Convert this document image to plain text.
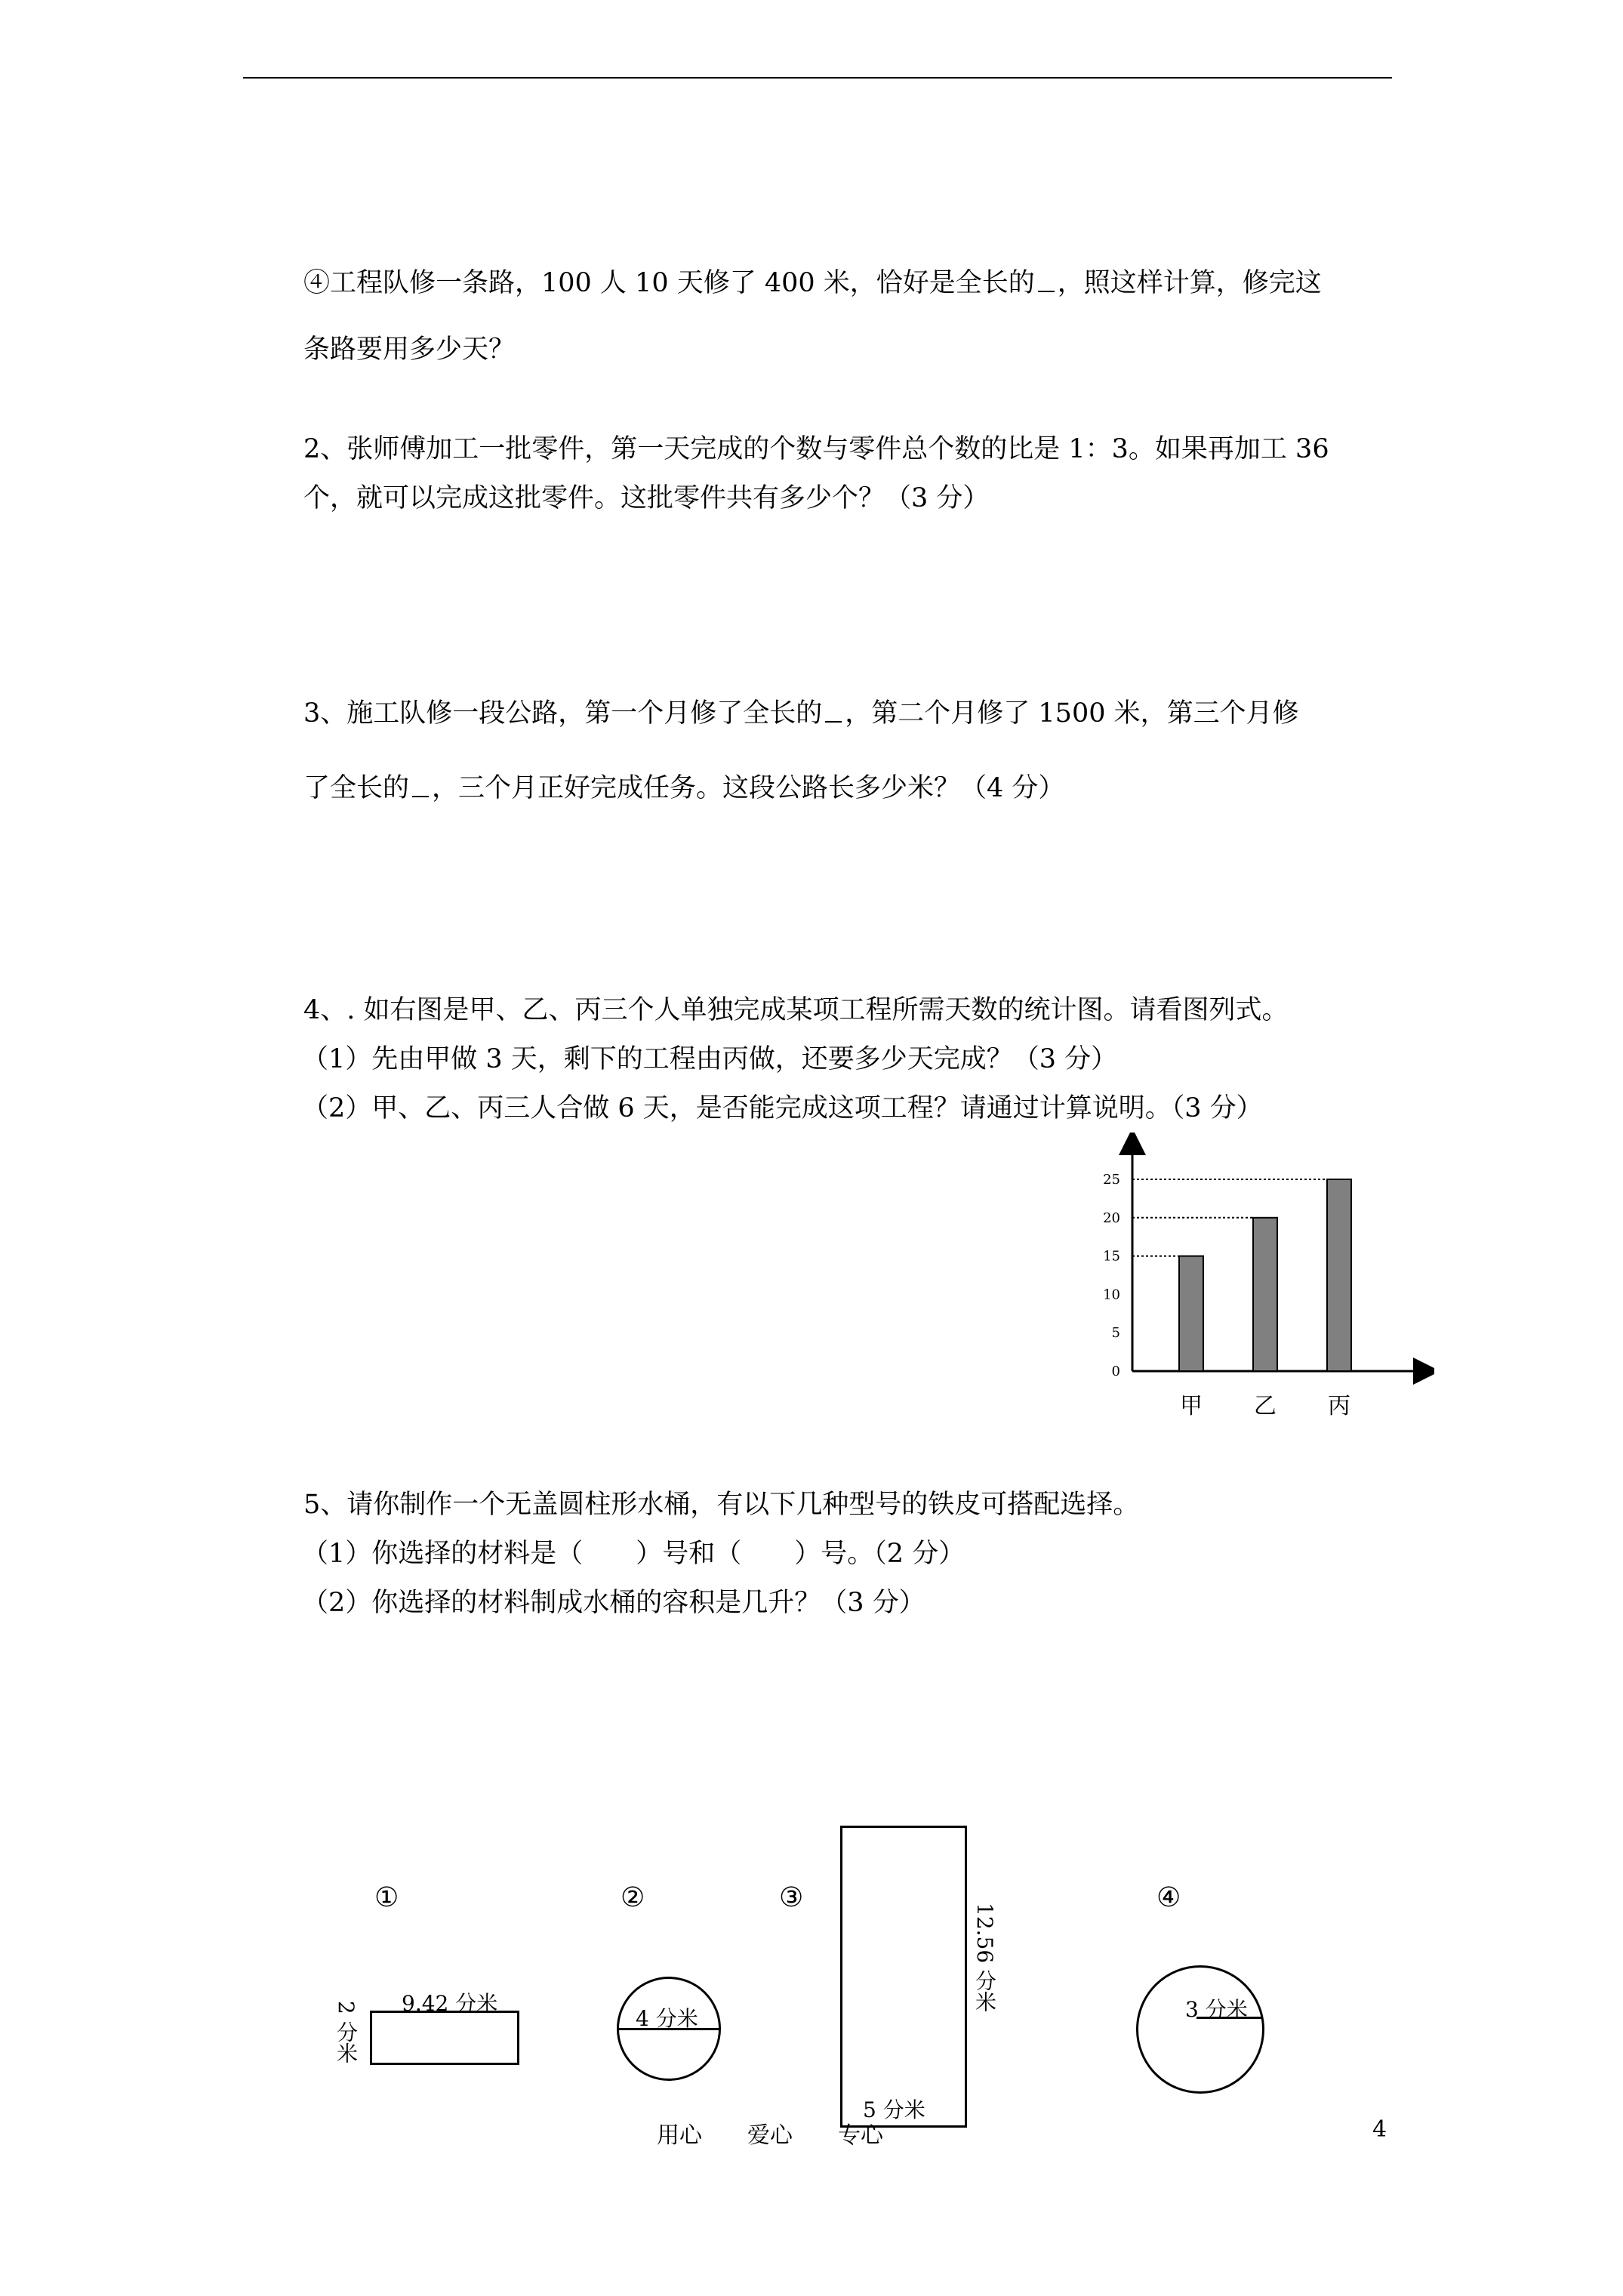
④工程队修一条路，100 人 10 天修了 400 米，恰好是全长的 ，照这样计算，修完这
条路要用多少天？
2、张师傅加工一批零件，第一天完成的个数与零件总个数的比是 1：3。如果再加工 36
个，就可以完成这批零件。这批零件共有多少个？（3 分）
3、施工队修一段公路，第一个月修了全长的 ，第二个月修了 1500 米，第三个月修
了全长的 ，三个月正好完成任务。这段公路长多少米？（4 分）
4、. 如右图是甲、乙、丙三个人单独完成某项工程所需天数的统计图。请看图列式。
（1）先由甲做 3 天，剩下的工程由丙做，还要多少天完成？（3 分）
（2）甲、乙、丙三人合做 6 天，是否能完成这项工程？请通过计算说明。（3 分）
0
5
10
15
20
25
甲 乙 丙
5、请你制作一个无盖圆柱形水桶，有以下几种型号的铁皮可搭配选择。
（1）你选择的材料是（　　）号和（　　）号。（2 分）
（2）你选择的材料制成水桶的容积是几升？（3 分）
①
9.42 分米
2 分米
②
4 分米
③
12.56 分米
5 分米
④
3 分米
用心　　爱心　　专心	4
